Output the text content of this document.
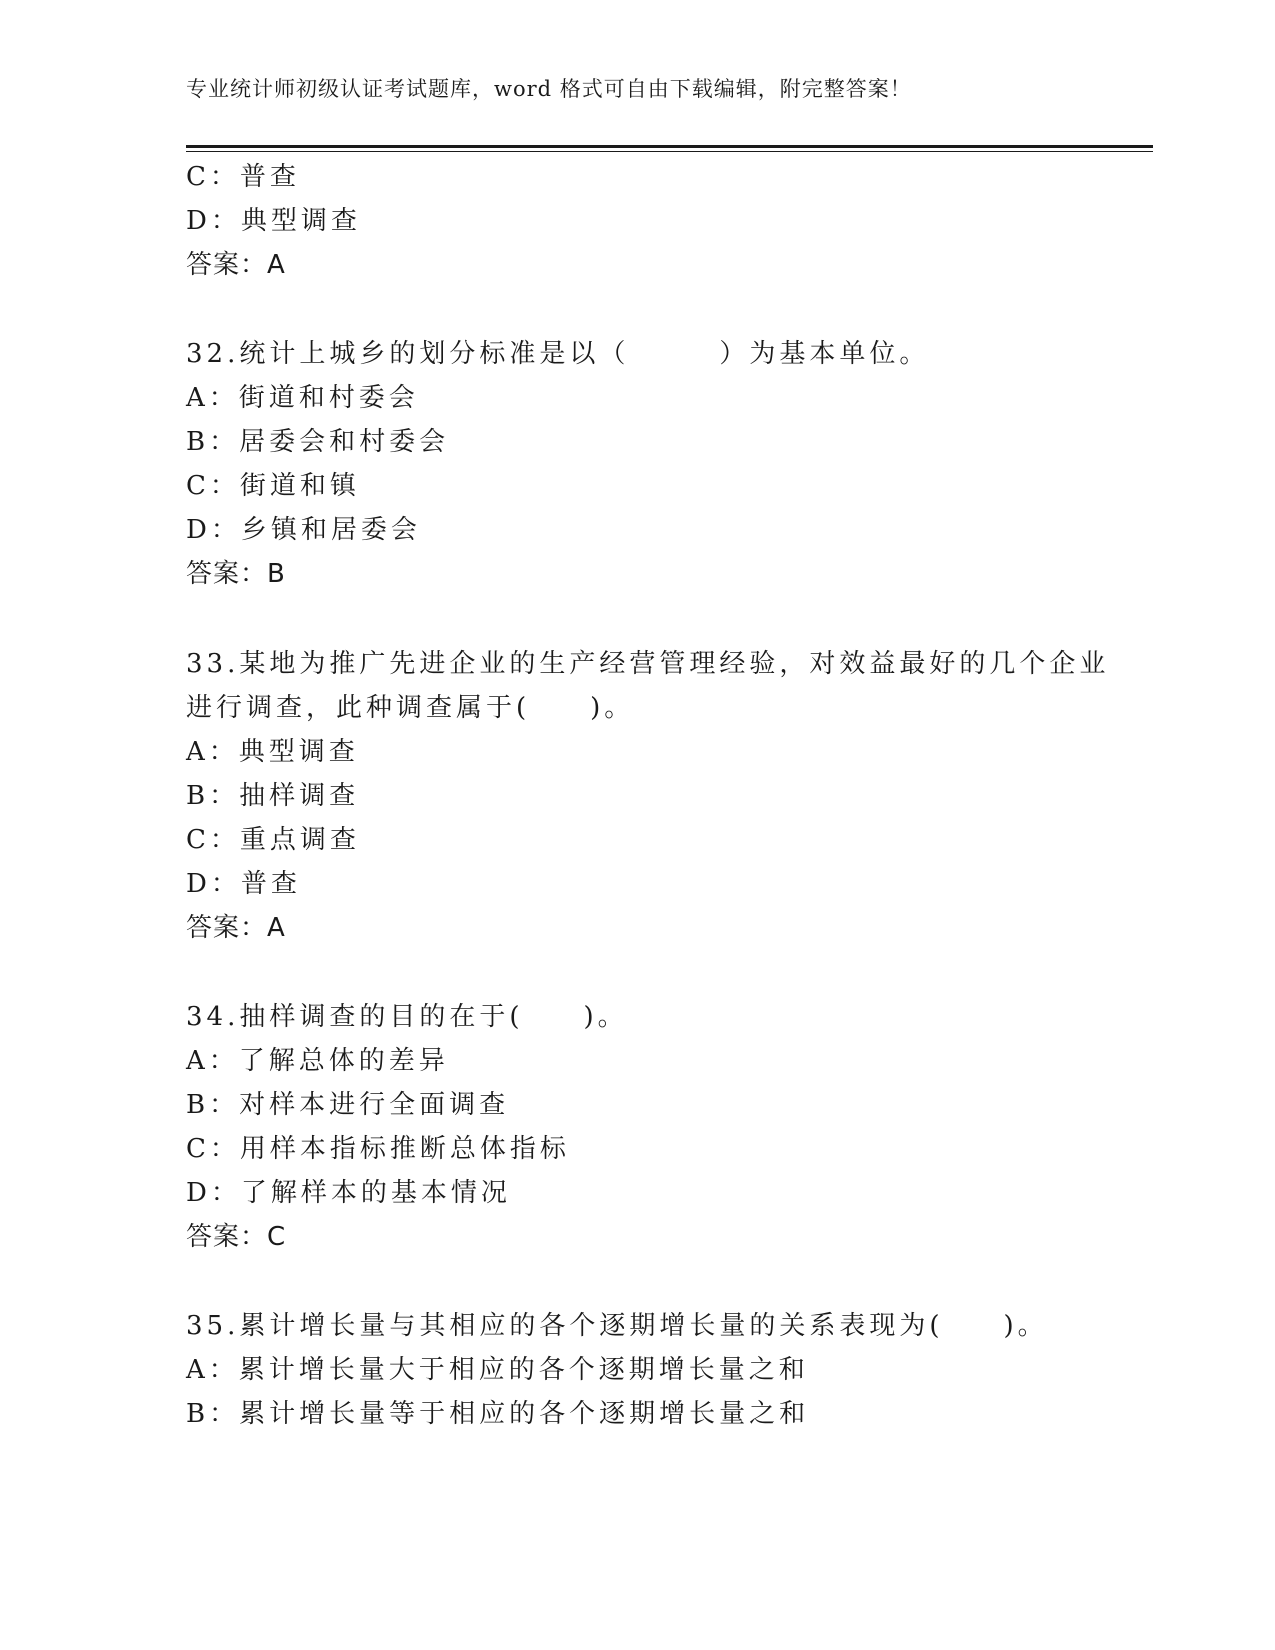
专业统计师初级认证考试题库，word 格式可自由下载编辑，附完整答案！
C：普查
D：典型调查
答案：A
32.统计上城乡的划分标准是以（　　　）为基本单位。
A：街道和村委会
B：居委会和村委会
C：街道和镇
D：乡镇和居委会
答案：B
33.某地为推广先进企业的生产经营管理经验，对效益最好的几个企业
进行调查，此种调查属于(　　)。
A：典型调查
B：抽样调查
C：重点调查
D：普查
答案：A
34.抽样调查的目的在于(　　)。
A：了解总体的差异
B：对样本进行全面调查
C：用样本指标推断总体指标
D：了解样本的基本情况
答案：C
35.累计增长量与其相应的各个逐期增长量的关系表现为(　　)。
A：累计增长量大于相应的各个逐期增长量之和
B：累计增长量等于相应的各个逐期增长量之和
